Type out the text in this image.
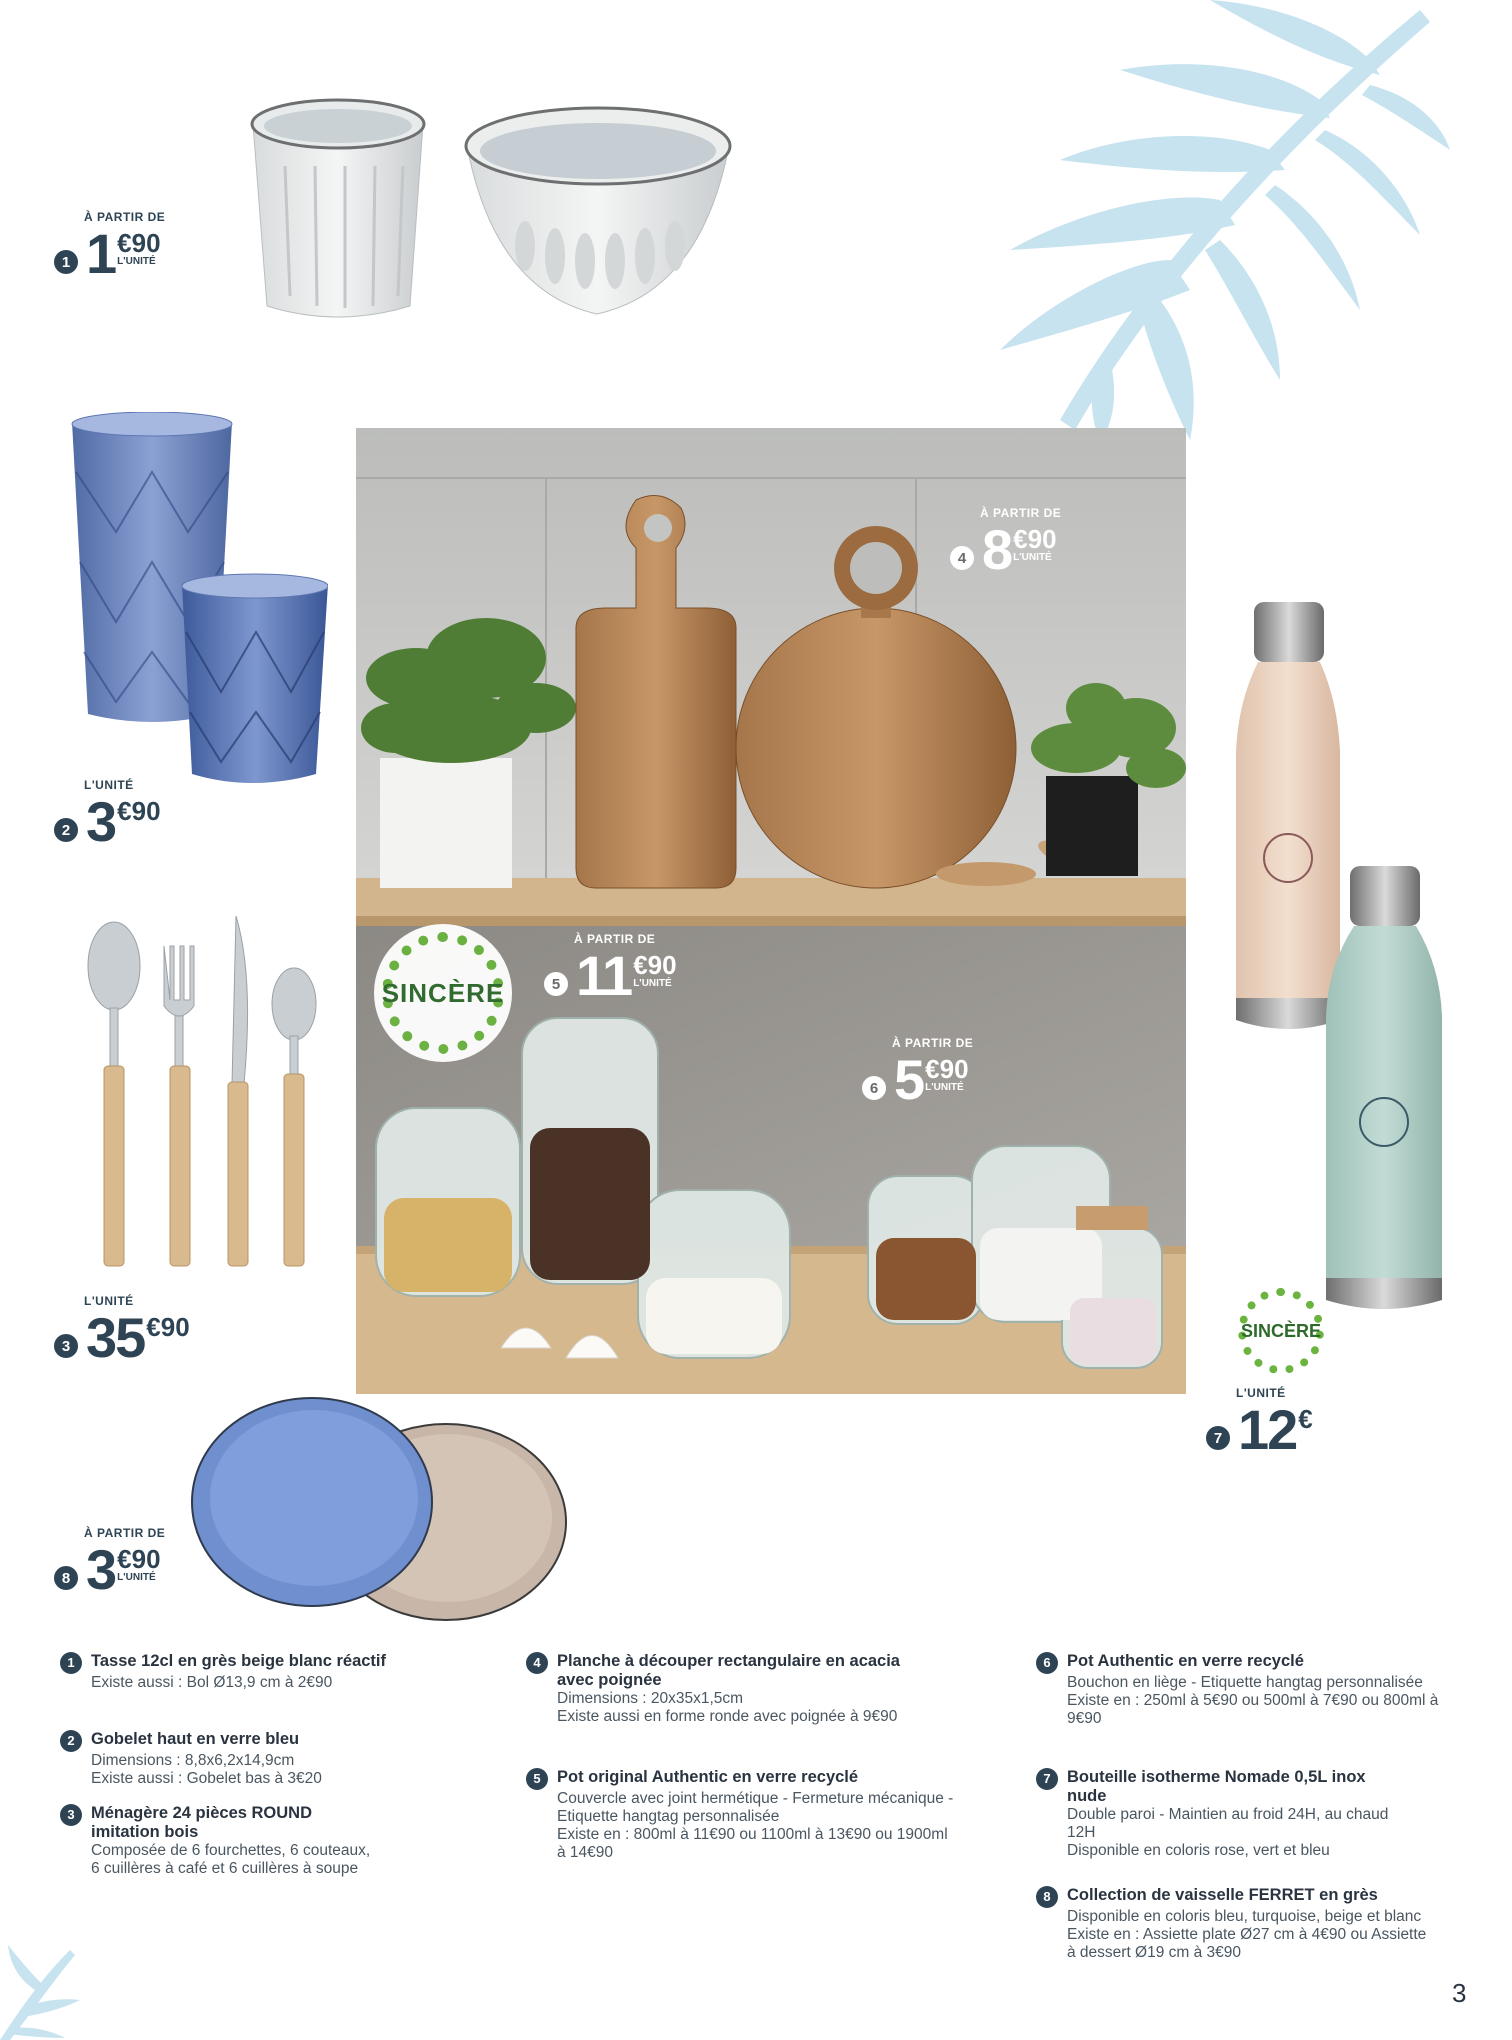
SINCÈRE
SINCÈRE
À PARTIR DE
1 1 €90
L'UNITÉ
L'UNITÉ
2 3 €90
L'UNITÉ
3 35 €90
À PARTIR DE
4 8 €90
L'UNITÉ
À PARTIR DE
5 11 €90
L'UNITÉ
À PARTIR DE
6 5 €90
L'UNITÉ
L'UNITÉ
7 12 €
À PARTIR DE
8 3 €90
L'UNITÉ
1 Tasse 12cl en grès beige blanc réactif
Existe aussi : Bol Ø13,9 cm à 2€90
2 Gobelet haut en verre bleu
Dimensions : 8,8x6,2x14,9cm
Existe aussi : Gobelet bas à 3€20
3 Ménagère 24 pièces ROUND imitation bois
Composée de 6 fourchettes, 6 couteaux, 6 cuillères à café et 6 cuillères à soupe
4 Planche à découper rectangulaire en acacia avec poignée
Dimensions : 20x35x1,5cm
Existe aussi en forme ronde avec poignée à 9€90
5 Pot original Authentic en verre recyclé
Couvercle avec joint hermétique - Fermeture mécanique - Etiquette hangtag personnalisée
Existe en : 800ml à 11€90 ou 1100ml à 13€90 ou 1900ml à 14€90
6 Pot Authentic en verre recyclé
Bouchon en liège - Etiquette hangtag personnalisée
Existe en : 250ml à 5€90 ou 500ml à 7€90 ou 800ml à 9€90
7 Bouteille isotherme Nomade 0,5L inox nude
Double paroi - Maintien au froid 24H, au chaud 12H
Disponible en coloris rose, vert et bleu
8 Collection de vaisselle FERRET en grès
Disponible en coloris bleu, turquoise, beige et blanc
Existe en : Assiette plate Ø27 cm à 4€90 ou Assiette à dessert Ø19 cm à 3€90
3
